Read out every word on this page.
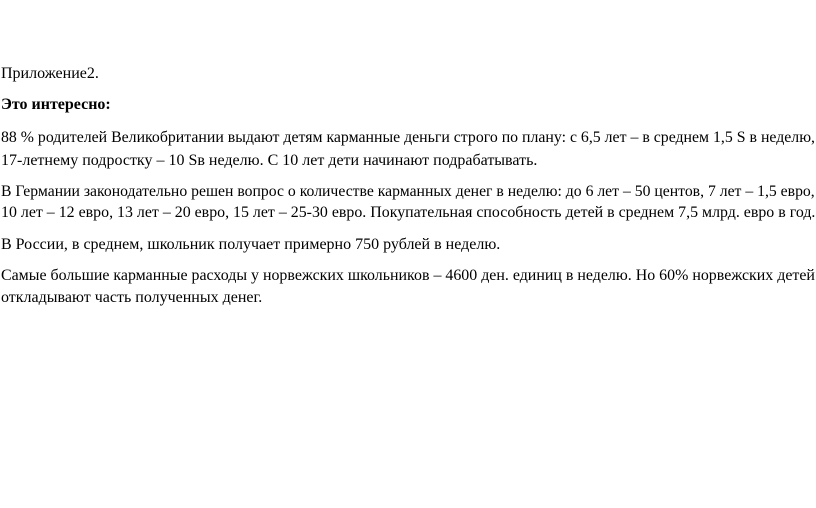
Приложение2.

Это интересно:

88 % родителей Великобритании выдают детям карманные деньги строго по плану: с 6,5 лет – в среднем 1,5 S в неделю,

17-летнему подростку – 10 Sв неделю. С 10 лет дети начинают подрабатывать.

В Германии законодательно решен вопрос о количестве карманных денег в неделю: до 6 лет – 50 центов, 7 лет – 1,5 евро,

10 лет – 12 евро, 13 лет – 20 евро, 15 лет – 25-30 евро. Покупательная способность детей в среднем 7,5 млрд. евро в год.

В России, в среднем, школьник получает примерно 750 рублей в неделю.

Самые большие карманные расходы у норвежских школьников – 4600 ден. единиц в неделю. Но 60% норвежских детей

откладывают часть полученных денег.
